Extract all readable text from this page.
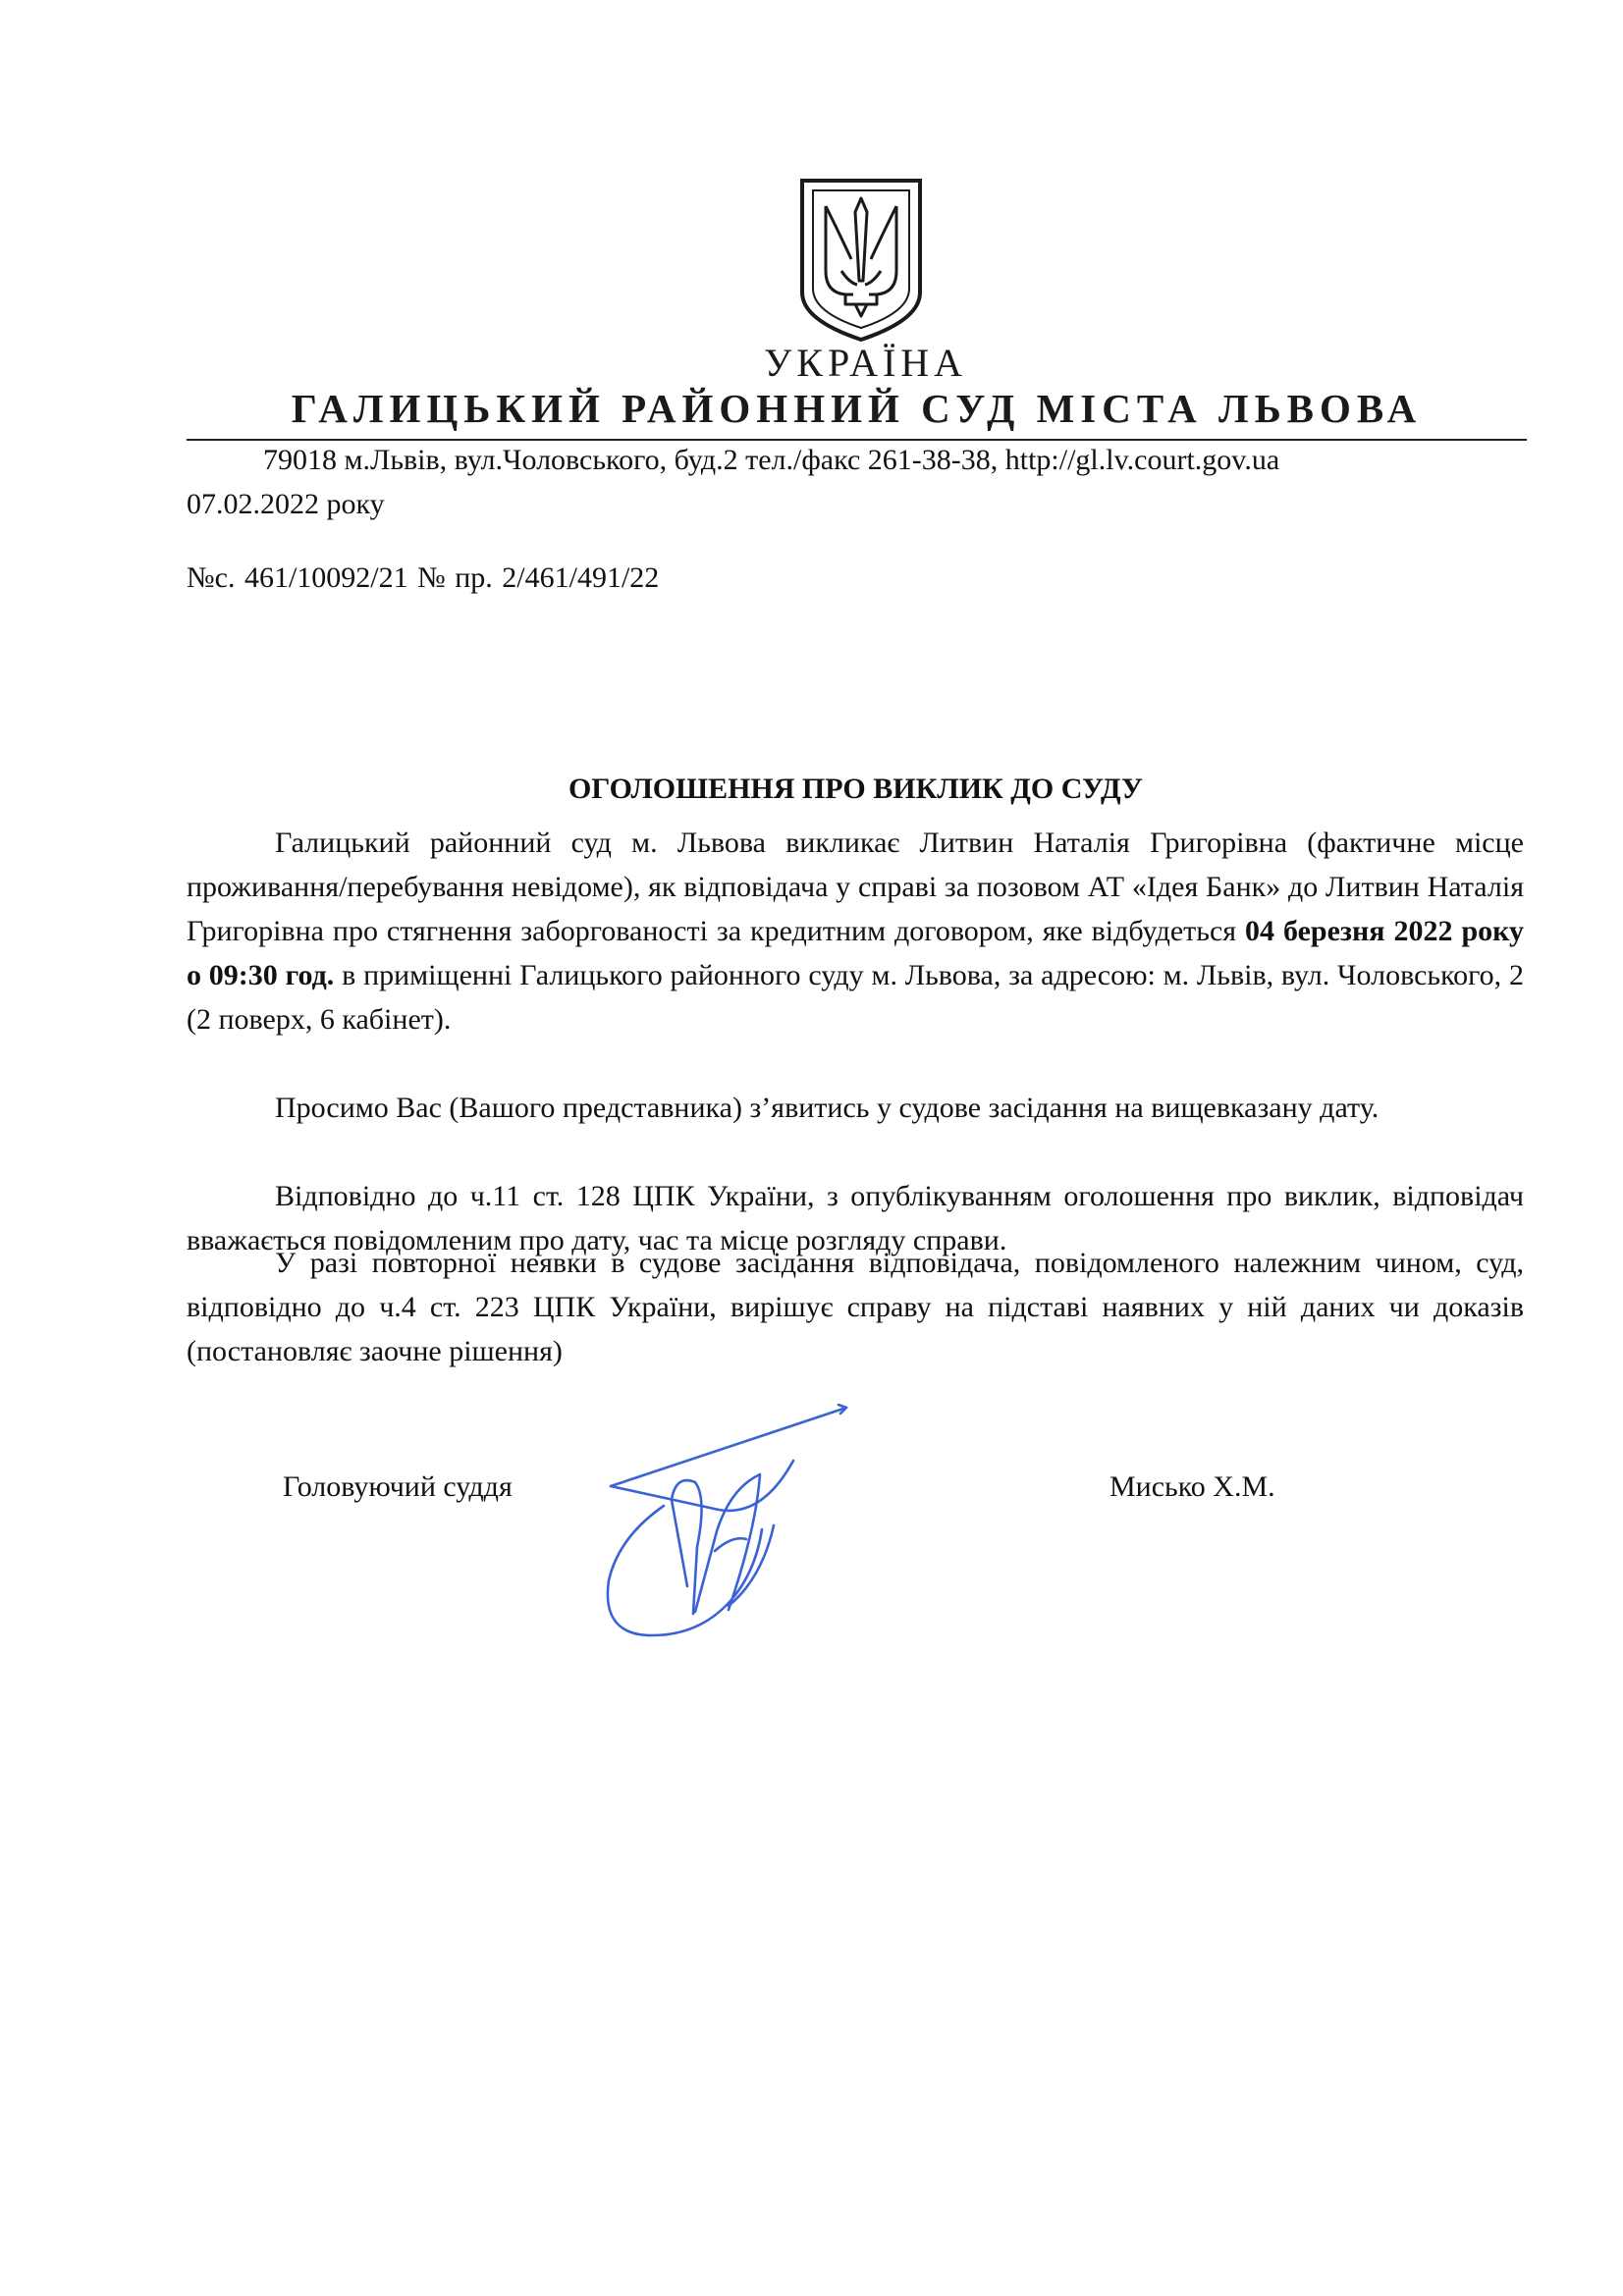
УКРАЇНА
ГАЛИЦЬКИЙ РАЙОННИЙ СУД МІСТА ЛЬВОВА
79018 м.Львів, вул.Чоловського, буд.2 тел./факс 261-38-38, http://gl.lv.court.gov.ua
07.02.2022 року
№с. 461/10092/21 № пр. 2/461/491/22
ОГОЛОШЕННЯ ПРО ВИКЛИК ДО СУДУ

Галицький районний суд м. Львова викликає Литвин Наталія Григорівна (фактичне місце проживання/перебування невідоме), як відповідача у справі за позовом АТ «Ідея Банк» до Литвин Наталія Григорівна про стягнення заборгованості за кредитним договором, яке відбудеться 04 березня 2022 року о 09:30 год. в приміщенні Галицького районного суду м. Львова, за адресою: м. Львів, вул. Чоловського, 2 (2 поверх, 6 кабінет).

Просимо Вас (Вашого представника) з’явитись у судове засідання на вищевказану дату.

Відповідно до ч.11 ст. 128 ЦПК України, з опублікуванням оголошення про виклик, відповідач вважається повідомленим про дату, час та місце розгляду справи.

У разі повторної неявки в судове засідання відповідача, повідомленого належним чином, суд, відповідно до ч.4 ст. 223 ЦПК України, вирішує справу на підставі наявних у ній даних чи доказів (постановляє заочне рішення)

Головуючий суддя	Мисько Х.М.
